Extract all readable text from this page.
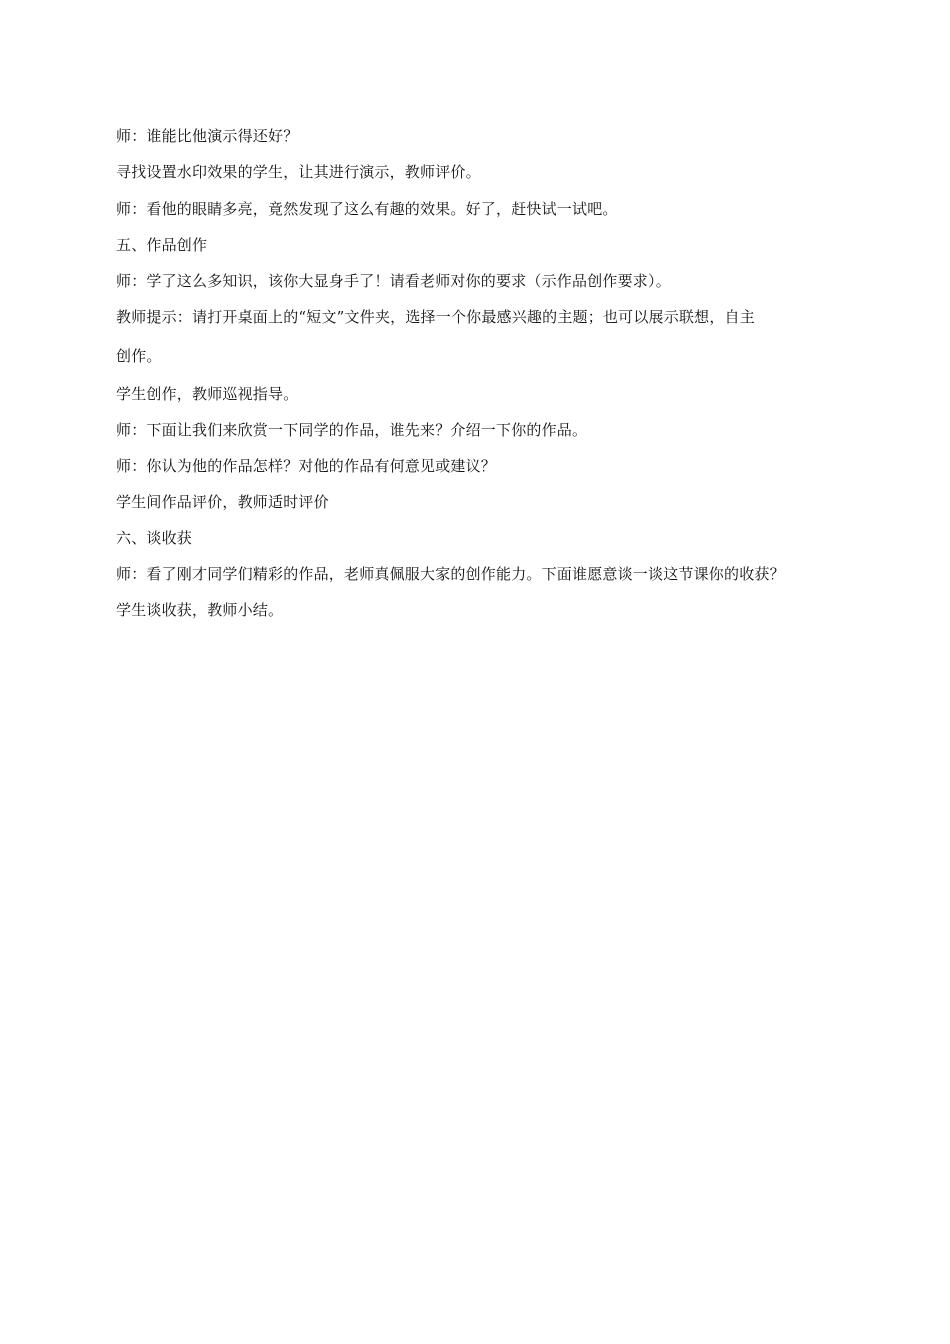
师：谁能比他演示得还好？
寻找设置水印效果的学生，让其进行演示，教师评价。
师：看他的眼睛多亮，竟然发现了这么有趣的效果。好了，赶快试一试吧。
五、作品创作
师：学了这么多知识，该你大显身手了！请看老师对你的要求（示作品创作要求）。
教师提示：请打开桌面上的“短文”文件夹，选择一个你最感兴趣的主题；也可以展示联想，自主
创作。
学生创作，教师巡视指导。
师：下面让我们来欣赏一下同学的作品，谁先来？介绍一下你的作品。
师：你认为他的作品怎样？对他的作品有何意见或建议？
学生间作品评价，教师适时评价
六、谈收获
师：看了刚才同学们精彩的作品，老师真佩服大家的创作能力。下面谁愿意谈一谈这节课你的收获？
学生谈收获，教师小结。
